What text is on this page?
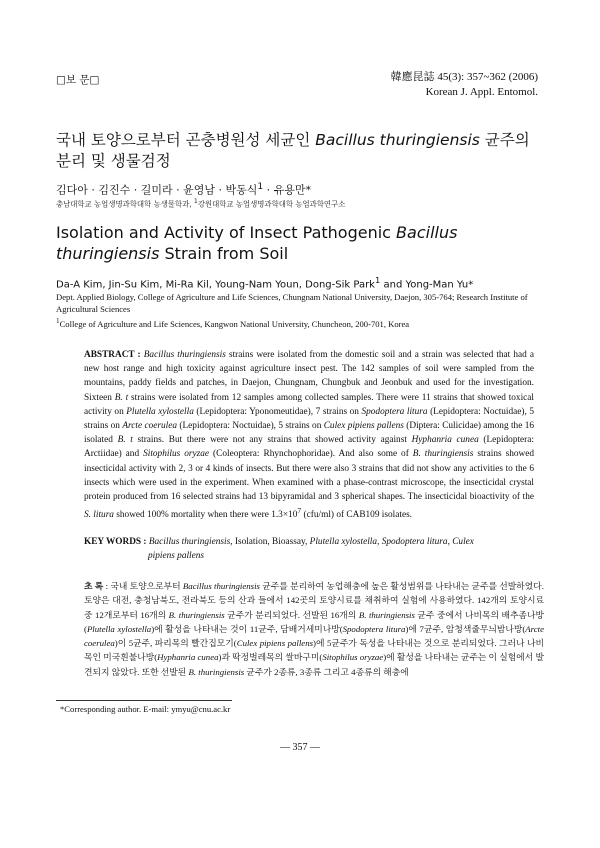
□보 문□	韓應昆誌 45(3): 357~362 (2006)
Korean J. Appl. Entomol.
국내 토양으로부터 곤충병원성 세균인 Bacillus thuringiensis 균주의 분리 및 생물검정
김다아 · 김진수 · 길미라 · 윤영남 · 박동식$^1$ · 유용만*
충남대학교 농업생명과학대학 농생물학과, $^1$강원대학교 농업생명과학대학 농업과학연구소
Isolation and Activity of Insect Pathogenic Bacillus thuringiensis Strain from Soil
Da-A Kim, Jin-Su Kim, Mi-Ra Kil, Young-Nam Youn, Dong-Sik Park$^1$ and Yong-Man Yu*
Dept. Applied Biology, College of Agriculture and Life Sciences, Chungnam National University, Daejon, 305-764; Research Institute of Agricultural Sciences
$^1$College of Agriculture and Life Sciences, Kangwon National University, Chuncheon, 200-701, Korea
ABSTRACT : Bacillus thuringiensis strains were isolated from the domestic soil and a strain was selected that had a new host range and high toxicity against agriculture insect pest. The 142 samples of soil were sampled from the mountains, paddy fields and patches, in Daejon, Chungnam, Chungbuk and Jeonbuk and used for the investigation. Sixteen B. t strains were isolated from 12 samples among collected samples. There were 11 strains that showed toxical activity on Plutella xylostella (Lepidoptera: Yponomeutidae), 7 strains on Spodoptera litura (Lepidoptera: Noctuidae), 5 strains on Arcte coerulea (Lepidoptera: Noctuidae), 5 strains on Culex pipiens pallens (Diptera: Culicidae) among the 16 isolated B. t strains. But there were not any strains that showed activity against Hyphanria cunea (Lepidoptera: Arctiidae) and Sitophilus oryzae (Coleoptera: Rhynchophoridae). And also some of B. thuringiensis strains showed insecticidal activity with 2, 3 or 4 kinds of insects. But there were also 3 strains that did not show any activities to the 6 insects which were used in the experiment. When examined with a phase-contrast microscope, the insecticidal crystal protein produced from 16 selected strains had 13 bipyramidal and 3 spherical shapes. The insecticidal bioactivity of the S. litura showed 100% mortality when there were $1.3\times 10^7$ (cfu/ml) of CAB109 isolates.
KEY WORDS : Bacillus thuringiensis, Isolation, Bioassay, Plutella xylostella, Spodoptera litura, Culex
pipiens pallens
초 록 : 국내 토양으로부터 Bacillus thuringiensis 균주를 분리하여 농업해충에 높은 활성범위를 나타내는 균주를 선발하였다. 토양은 대전, 충청남북도, 전라북도 등의 산과 들에서 142곳의 토양시료를 채취하여 실험에 사용하였다. 142개의 토양시료 중 12개로부터 16개의 B. thuringiensis 균주가 분리되었다. 선발된 16개의 B. thuringiensis 균주 중에서 나비목의 배추좀나방(Plutella xylostella)에 활성을 나타내는 것이 11균주, 담배거세미나방(Spodoptera litura)에 7균주, 암청색줄무늬밤나방(Arcte coerulea)이 5균주, 파리목의 빨간집모기(Culex pipiens pallens)에 5균주가 독성을 나타내는 것으로 분리되었다. 그러나 나비목인 미국흰불나방(Hyphanria cunea)과 딱정벌레목의 쌀바구미(Sitophilus oryzae)에 활성을 나타내는 균주는 이 실험에서 발견되지 않았다. 또한 선발된 B. thuringiensis 균주가 2종류, 3종류 그리고 4종류의 해충에
*Corresponding author. E-mail: ymyu@cnu.ac.kr
— 357 —
